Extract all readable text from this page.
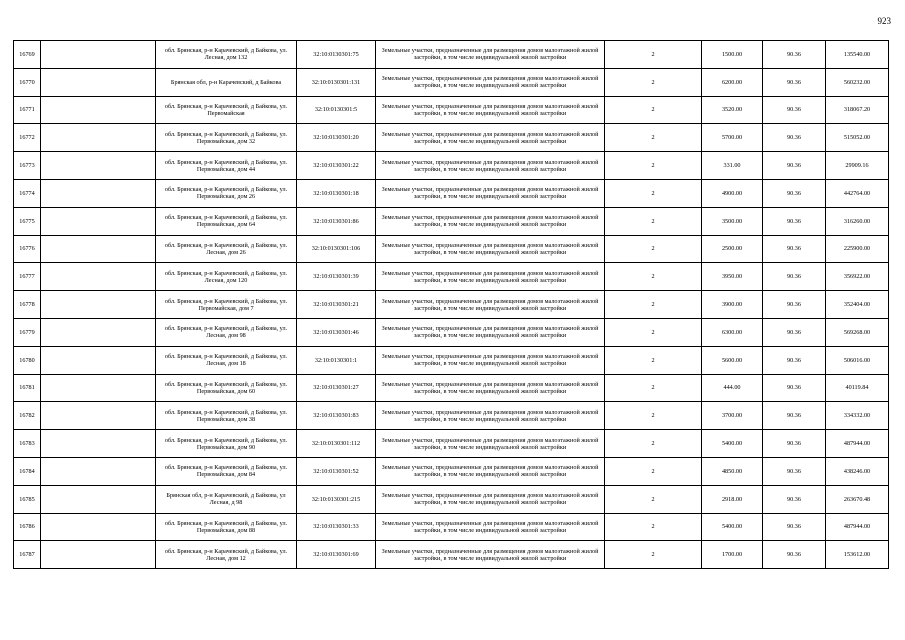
923
16769		обл. Брянская, р-н Карачевский, д Байкова, ул. Лесная, дом 132	32:10:0130301:75	Земельные участки, предназначенные для размещения домов малоэтажной жилой застройки, в том числе индивидуальной жилой застройки	2	1500.00	90.36	135540.00
16770		Брянская обл, р-н Карачевский, д Байкова	32:10:0130301:131	Земельные участки, предназначенные для размещения домов малоэтажной жилой застройки, в том числе индивидуальной жилой застройки	2	6200.00	90.36	560232.00
16771		обл. Брянская, р-н Карачевский, д Байкова, ул. Первомайская	32:10:0130301:5	Земельные участки, предназначенные для размещения домов малоэтажной жилой застройки, в том числе индивидуальной жилой застройки	2	3520.00	90.36	318067.20
16772		обл. Брянская, р-н Карачевский, д Байкова, ул. Первомайская, дом 32	32:10:0130301:20	Земельные участки, предназначенные для размещения домов малоэтажной жилой застройки, в том числе индивидуальной жилой застройки	2	5700.00	90.36	515052.00
16773		обл. Брянская, р-н Карачевский, д Байкова, ул. Первомайская, дом 44	32:10:0130301:22	Земельные участки, предназначенные для размещения домов малоэтажной жилой застройки, в том числе индивидуальной жилой застройки	2	331.00	90.36	29909.16
16774		обл. Брянская, р-н Карачевский, д Байкова, ул. Первомайская, дом 26	32:10:0130301:18	Земельные участки, предназначенные для размещения домов малоэтажной жилой застройки, в том числе индивидуальной жилой застройки	2	4900.00	90.36	442764.00
16775		обл. Брянская, р-н Карачевский, д Байкова, ул. Первомайская, дом 64	32:10:0130301:86	Земельные участки, предназначенные для размещения домов малоэтажной жилой застройки, в том числе индивидуальной жилой застройки	2	3500.00	90.36	316260.00
16776		обл. Брянская, р-н Карачевский, д Байкова, ул. Лесная, дом 26	32:10:0130301:106	Земельные участки, предназначенные для размещения домов малоэтажной жилой застройки, в том числе индивидуальной жилой застройки	2	2500.00	90.36	225900.00
16777		обл. Брянская, р-н Карачевский, д Байкова, ул. Лесная, дом 120	32:10:0130301:39	Земельные участки, предназначенные для размещения домов малоэтажной жилой застройки, в том числе индивидуальной жилой застройки	2	3950.00	90.36	356922.00
16778		обл. Брянская, р-н Карачевский, д Байкова, ул. Первомайская, дом 7	32:10:0130301:21	Земельные участки, предназначенные для размещения домов малоэтажной жилой застройки, в том числе индивидуальной жилой застройки	2	3900.00	90.36	352404.00
16779		обл. Брянская, р-н Карачевский, д Байкова, ул. Лесная, дом 98	32:10:0130301:46	Земельные участки, предназначенные для размещения домов малоэтажной жилой застройки, в том числе индивидуальной жилой застройки	2	6300.00	90.36	569268.00
16780		обл. Брянская, р-н Карачевский, д Байкова, ул. Лесная, дом 18	32:10:0130301:1	Земельные участки, предназначенные для размещения домов малоэтажной жилой застройки, в том числе индивидуальной жилой застройки	2	5600.00	90.36	506016.00
16781		обл. Брянская, р-н Карачевский, д Байкова, ул. Первомайская, дом 60	32:10:0130301:27	Земельные участки, предназначенные для размещения домов малоэтажной жилой застройки, в том числе индивидуальной жилой застройки	2	444.00	90.36	40119.84
16782		обл. Брянская, р-н Карачевский, д Байкова, ул. Первомайская, дом 38	32:10:0130301:83	Земельные участки, предназначенные для размещения домов малоэтажной жилой застройки, в том числе индивидуальной жилой застройки	2	3700.00	90.36	334332.00
16783		обл. Брянская, р-н Карачевский, д Байкова, ул. Первомайская, дом 90	32:10:0130301:112	Земельные участки, предназначенные для размещения домов малоэтажной жилой застройки, в том числе индивидуальной жилой застройки	2	5400.00	90.36	487944.00
16784		обл. Брянская, р-н Карачевский, д Байкова, ул. Первомайская, дом 84	32:10:0130301:52	Земельные участки, предназначенные для размещения домов малоэтажной жилой застройки, в том числе индивидуальной жилой застройки	2	4850.00	90.36	438246.00
16785		Брянская обл, р-н Карачевский, д Байкова, ул Лесная, д 98	32:10:0130301:215	Земельные участки, предназначенные для размещения домов малоэтажной жилой застройки, в том числе индивидуальной жилой застройки	2	2918.00	90.36	263670.48
16786		обл. Брянская, р-н Карачевский, д Байкова, ул. Первомайская, дом 88	32:10:0130301:33	Земельные участки, предназначенные для размещения домов малоэтажной жилой застройки, в том числе индивидуальной жилой застройки	2	5400.00	90.36	487944.00
16787		обл. Брянская, р-н Карачевский, д Байкова, ул. Лесная, дом 12	32:10:0130301:69	Земельные участки, предназначенные для размещения домов малоэтажной жилой застройки, в том числе индивидуальной жилой застройки	2	1700.00	90.36	153612.00
